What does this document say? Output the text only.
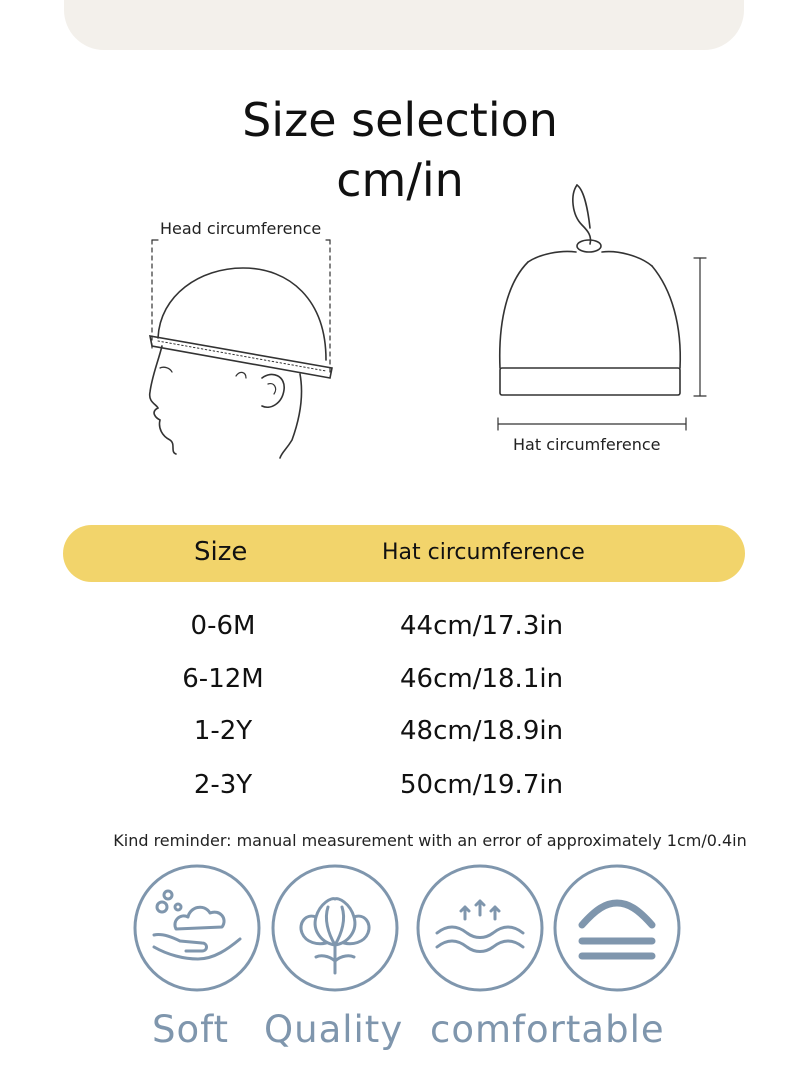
Size selection
cm/in
Head circumference
Hat circumference
Size	Hat circumference
0-6M	44cm/17.3in
6-12M	46cm/18.1in
1-2Y	48cm/18.9in
2-3Y	50cm/19.7in
Kind reminder: manual measurement with an error of approximately 1cm/0.4in
Soft Quality comfortable
